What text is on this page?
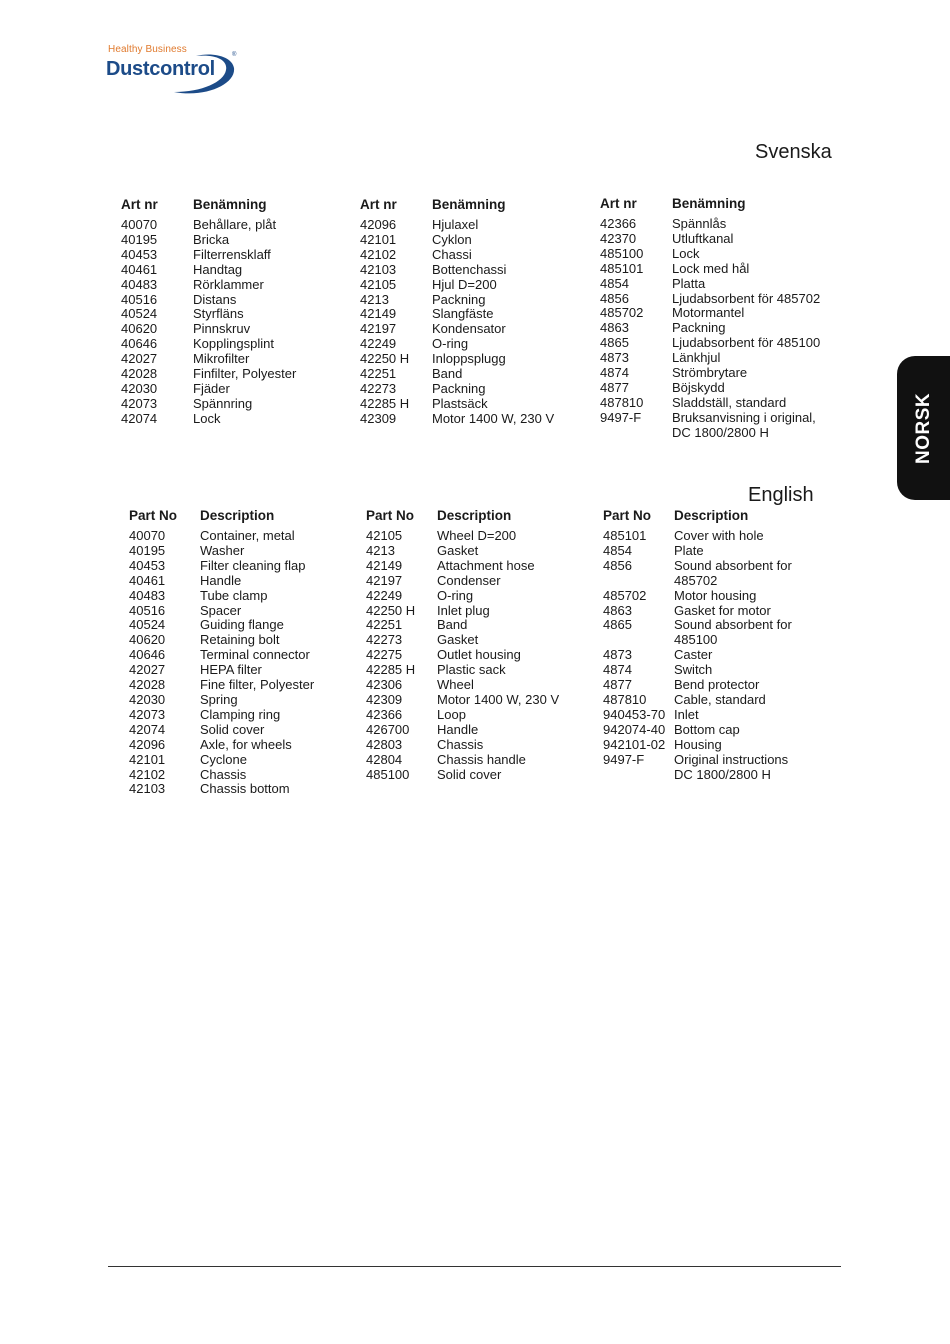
Healthy Business
Dustcontrol
®
Svenska
Art nr	Benämning
40070	Behållare, plåt
40195	Bricka
40453	Filterrensklaff
40461	Handtag
40483	Rörklammer
40516	Distans
40524	Styrfläns
40620	Pinnskruv
40646	Kopplingsplint
42027	Mikrofilter
42028	Finfilter, Polyester
42030	Fjäder
42073	Spännring
42074	Lock
Art nr	Benämning
42096	Hjulaxel
42101	Cyklon
42102	Chassi
42103	Bottenchassi
42105	Hjul D=200
4213	Packning
42149	Slangfäste
42197	Kondensator
42249	O-ring
42250 H	Inloppsplugg
42251	Band
42273	Packning
42285 H	Plastsäck
42309	Motor 1400 W, 230 V
Art nr	Benämning
42366	Spännlås
42370	Utluftkanal
485100	Lock
485101	Lock med hål
4854	Platta
4856	Ljudabsorbent för 485702
485702	Motormantel
4863	Packning
4865	Ljudabsorbent för 485100
4873	Länkhjul
4874	Strömbrytare
4877	Böjskydd
487810	Sladdställ, standard
9497-F	Bruksanvisning i original,
DC 1800/2800 H
English
Part No	Description
40070	Container, metal
40195	Washer
40453	Filter cleaning flap
40461	Handle
40483	Tube clamp
40516	Spacer
40524	Guiding flange
40620	Retaining bolt
40646	Terminal connector
42027	HEPA filter
42028	Fine filter, Polyester
42030	Spring
42073	Clamping ring
42074	Solid cover
42096	Axle, for wheels
42101	Cyclone
42102	Chassis
42103	Chassis bottom
Part No	Description
42105	Wheel D=200
4213	Gasket
42149	Attachment hose
42197	Condenser
42249	O-ring
42250 H	Inlet plug
42251	Band
42273	Gasket
42275	Outlet housing
42285 H	Plastic sack
42306	Wheel
42309	Motor 1400 W, 230 V
42366	Loop
426700	Handle
42803	Chassis
42804	Chassis handle
485100	Solid cover
Part No	Description
485101	Cover with hole
4854	Plate
4856	Sound absorbent for
485702
485702	Motor housing
4863	Gasket for motor
4865	Sound absorbent for
485100
4873	Caster
4874	Switch
4877	Bend protector
487810	Cable, standard
940453-70 Inlet
942074-40 Bottom cap
942101-02 Housing
9497-F	Original instructions
DC 1800/2800 H
NORSK
